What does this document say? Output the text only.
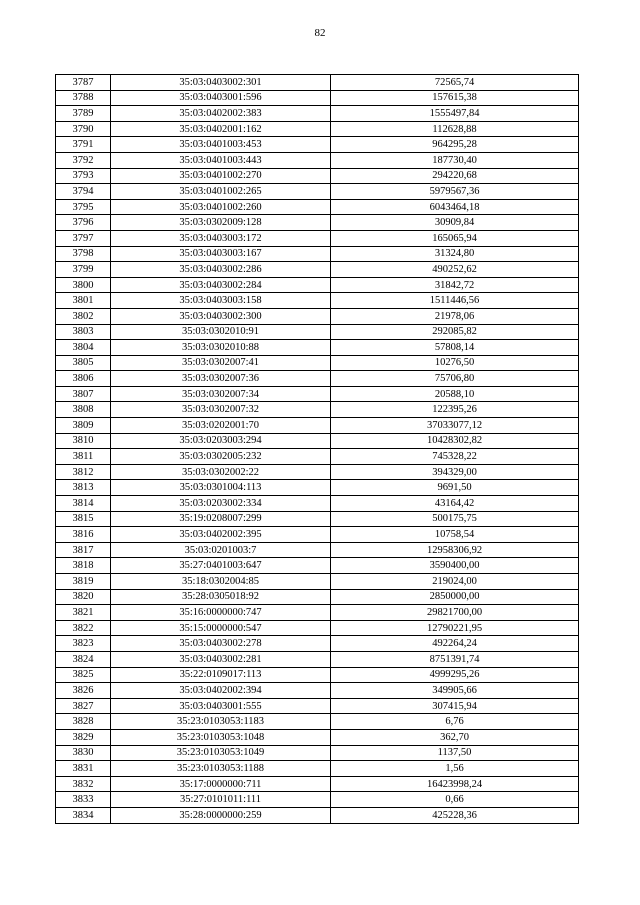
82
3787	35:03:0403002:301	72565,74
3788	35:03:0403001:596	157615,38
3789	35:03:0402002:383	1555497,84
3790	35:03:0402001:162	112628,88
3791	35:03:0401003:453	964295,28
3792	35:03:0401003:443	187730,40
3793	35:03:0401002:270	294220,68
3794	35:03:0401002:265	5979567,36
3795	35:03:0401002:260	6043464,18
3796	35:03:0302009:128	30909,84
3797	35:03:0403003:172	165065,94
3798	35:03:0403003:167	31324,80
3799	35:03:0403002:286	490252,62
3800	35:03:0403002:284	31842,72
3801	35:03:0403003:158	1511446,56
3802	35:03:0403002:300	21978,06
3803	35:03:0302010:91	292085,82
3804	35:03:0302010:88	57808,14
3805	35:03:0302007:41	10276,50
3806	35:03:0302007:36	75706,80
3807	35:03:0302007:34	20588,10
3808	35:03:0302007:32	122395,26
3809	35:03:0202001:70	37033077,12
3810	35:03:0203003:294	10428302,82
3811	35:03:0302005:232	745328,22
3812	35:03:0302002:22	394329,00
3813	35:03:0301004:113	9691,50
3814	35:03:0203002:334	43164,42
3815	35:19:0208007:299	500175,75
3816	35:03:0402002:395	10758,54
3817	35:03:0201003:7	12958306,92
3818	35:27:0401003:647	3590400,00
3819	35:18:0302004:85	219024,00
3820	35:28:0305018:92	2850000,00
3821	35:16:0000000:747	29821700,00
3822	35:15:0000000:547	12790221,95
3823	35:03:0403002:278	492264,24
3824	35:03:0403002:281	8751391,74
3825	35:22:0109017:113	4999295,26
3826	35:03:0402002:394	349905,66
3827	35:03:0403001:555	307415,94
3828	35:23:0103053:1183	6,76
3829	35:23:0103053:1048	362,70
3830	35:23:0103053:1049	1137,50
3831	35:23:0103053:1188	1,56
3832	35:17:0000000:711	16423998,24
3833	35:27:0101011:111	0,66
3834	35:28:0000000:259	425228,36
